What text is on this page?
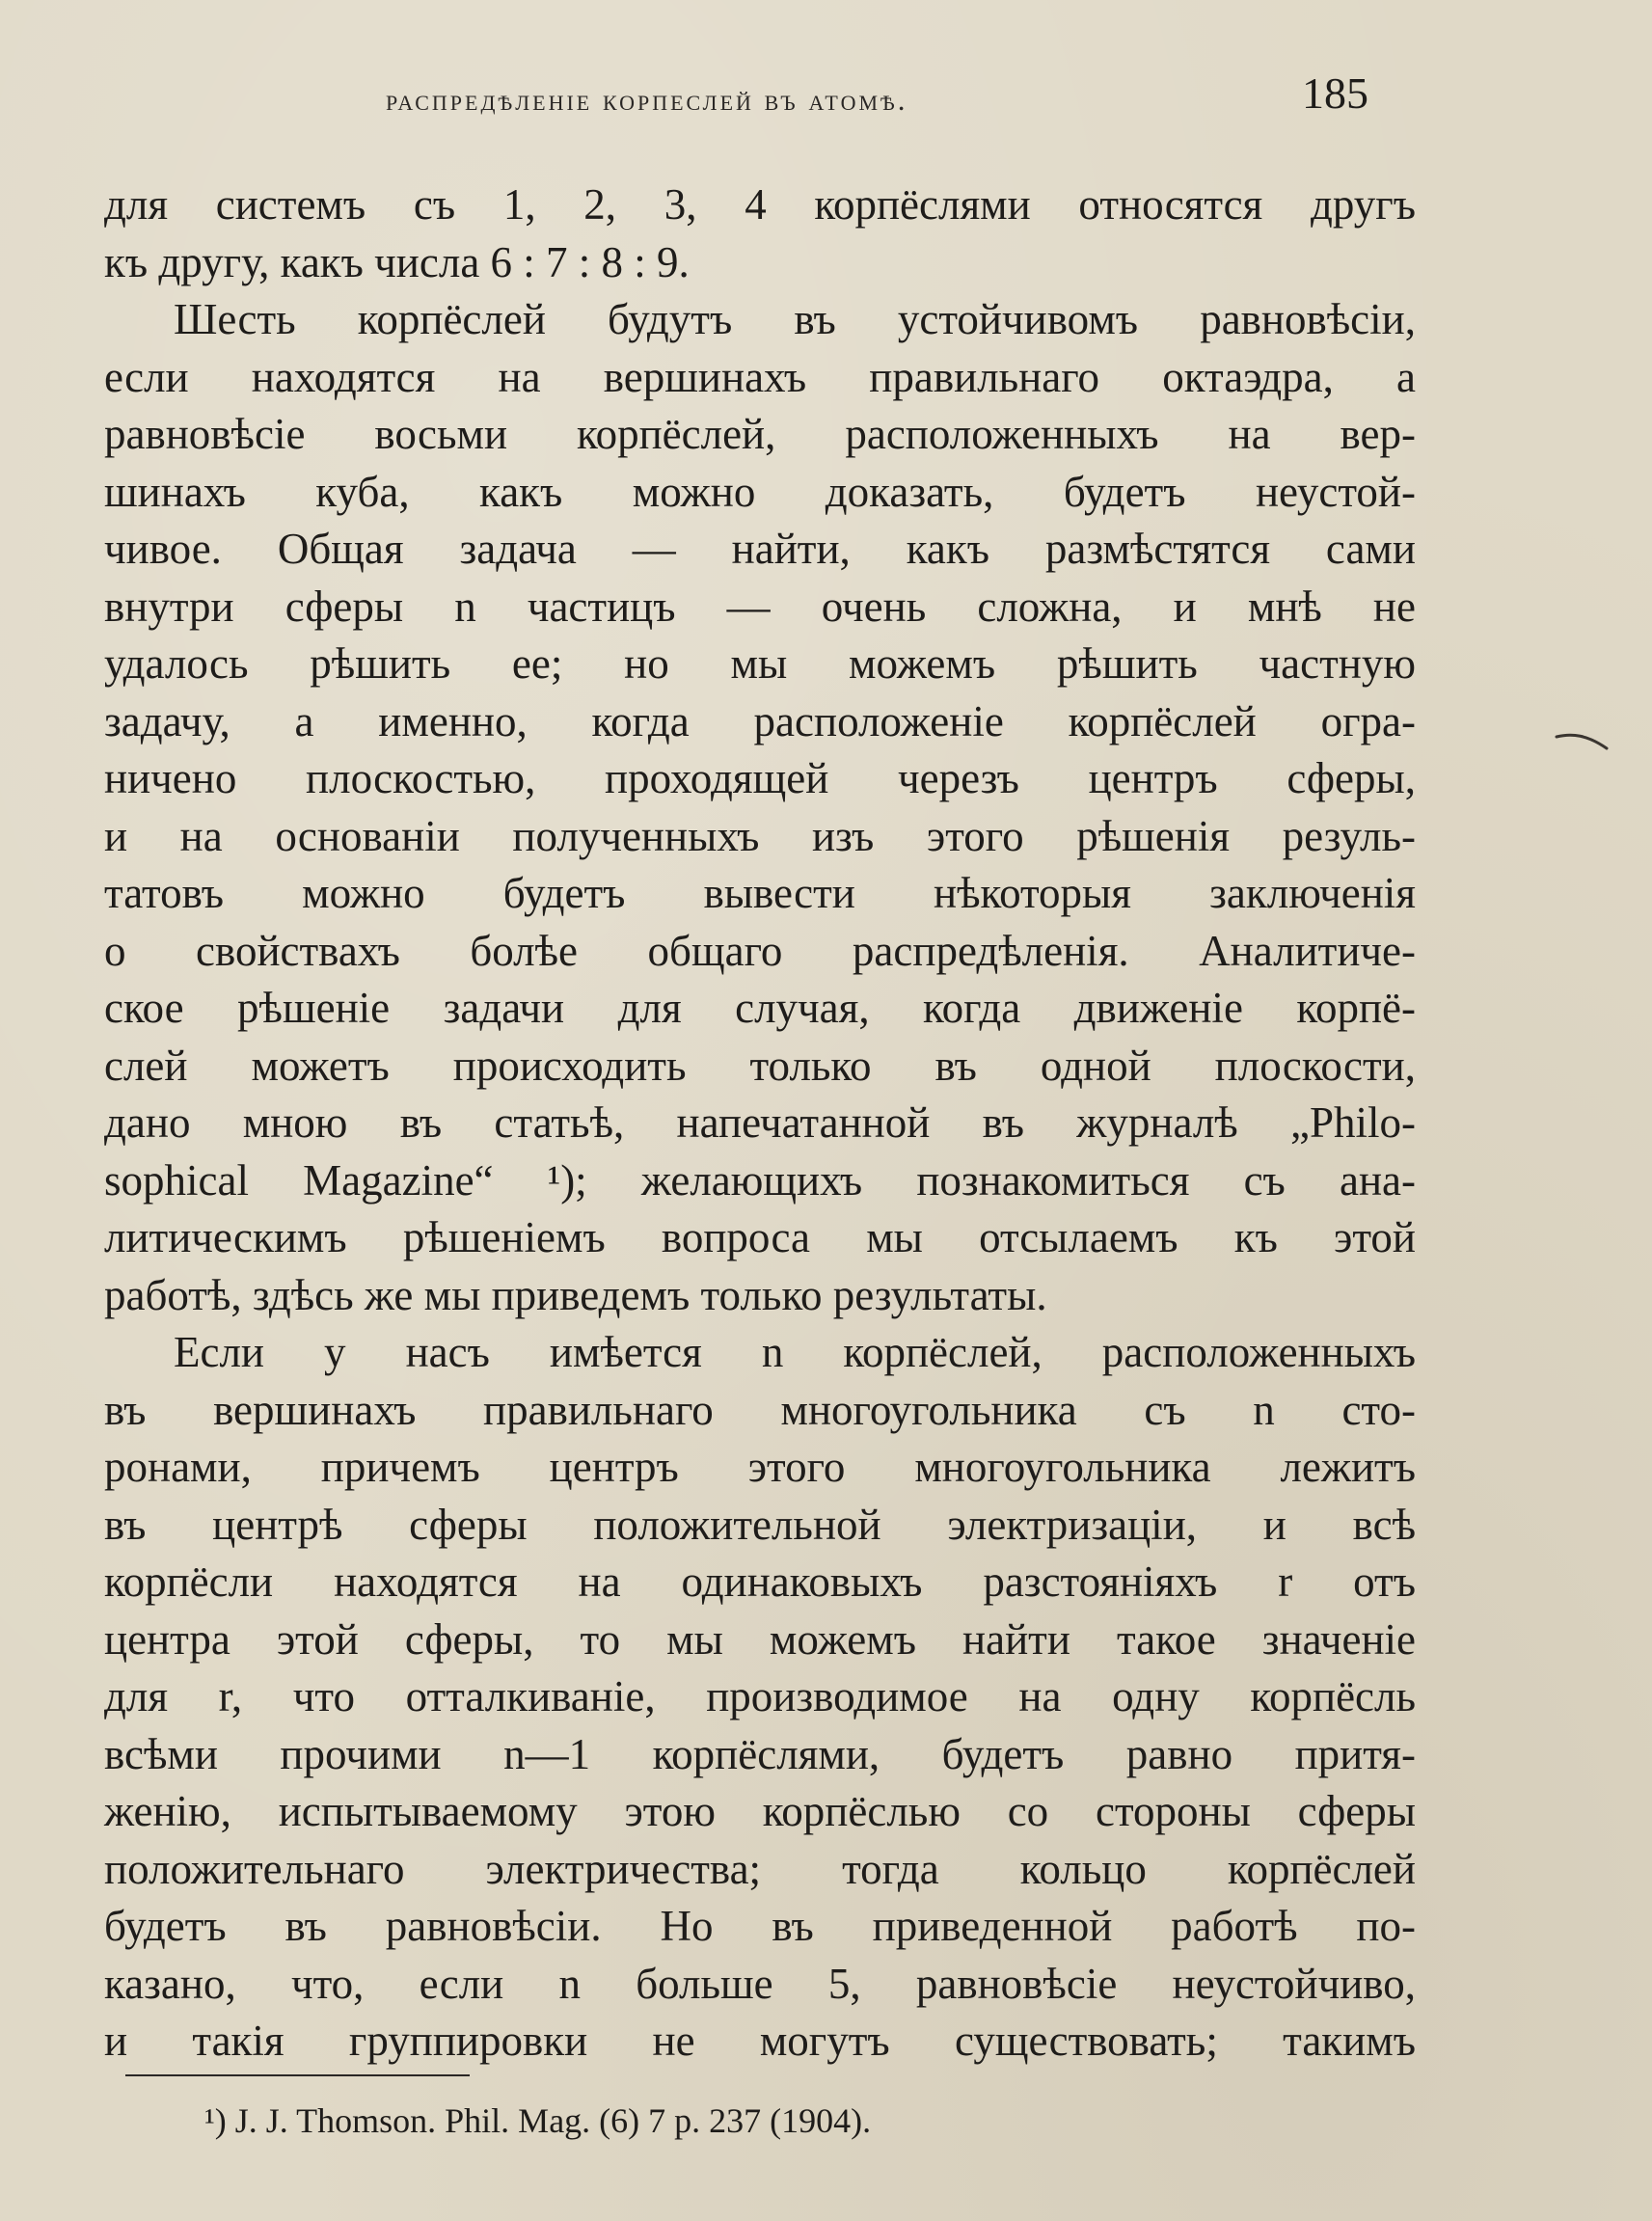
распредѣленіе корпеслей въ атомѣ.	185
для системъ съ 1, 2, 3, 4 корпёслями относятся другъ
къ другу, какъ числа 6 : 7 : 8 : 9.
Шесть корпёслей будутъ въ устойчивомъ равновѣсіи,
если находятся на вершинахъ правильнаго октаэдра, а
равновѣсіе восьми корпёслей, расположенныхъ на вер-
шинахъ куба, какъ можно доказать, будетъ неустой-
чивое. Общая задача — найти, какъ размѣстятся сами
внутри сферы n частицъ — очень сложна, и мнѣ не
удалось рѣшить ее; но мы можемъ рѣшить частную
задачу, а именно, когда расположеніе корпёслей огра-
ничено плоскостью, проходящей черезъ центръ сферы,
и на основаніи полученныхъ изъ этого рѣшенія резуль-
татовъ можно будетъ вывести нѣкоторыя заключенія
о свойствахъ болѣе общаго распредѣленія. Аналитиче-
ское рѣшеніе задачи для случая, когда движеніе корпё-
слей можетъ происходить только въ одной плоскости,
дано мною въ статьѣ, напечатанной въ журналѣ „Philo-
sophical Magazine“ ¹); желающихъ познакомиться съ ана-
литическимъ рѣшеніемъ вопроса мы отсылаемъ къ этой
работѣ, здѣсь же мы приведемъ только результаты.
Если у насъ имѣется n корпёслей, расположенныхъ
въ вершинахъ правильнаго многоугольника съ n сто-
ронами, причемъ центръ этого многоугольника лежитъ
въ центрѣ сферы положительной электризаціи, и всѣ
корпёсли находятся на одинаковыхъ разстояніяхъ r отъ
центра этой сферы, то мы можемъ найти такое значеніе
для r, что отталкиваніе, производимое на одну корпёсль
всѣми прочими n—1 корпёслями, будетъ равно притя-
женію, испытываемому этою корпёслью со стороны сферы
положительнаго электричества; тогда кольцо корпёслей
будетъ въ равновѣсіи. Но въ приведенной работѣ по-
казано, что, если n больше 5, равновѣсіе неустойчиво,
и такія группировки не могутъ существовать; такимъ
¹) J. J. Thomson. Phil. Mag. (6) 7 p. 237 (1904).
